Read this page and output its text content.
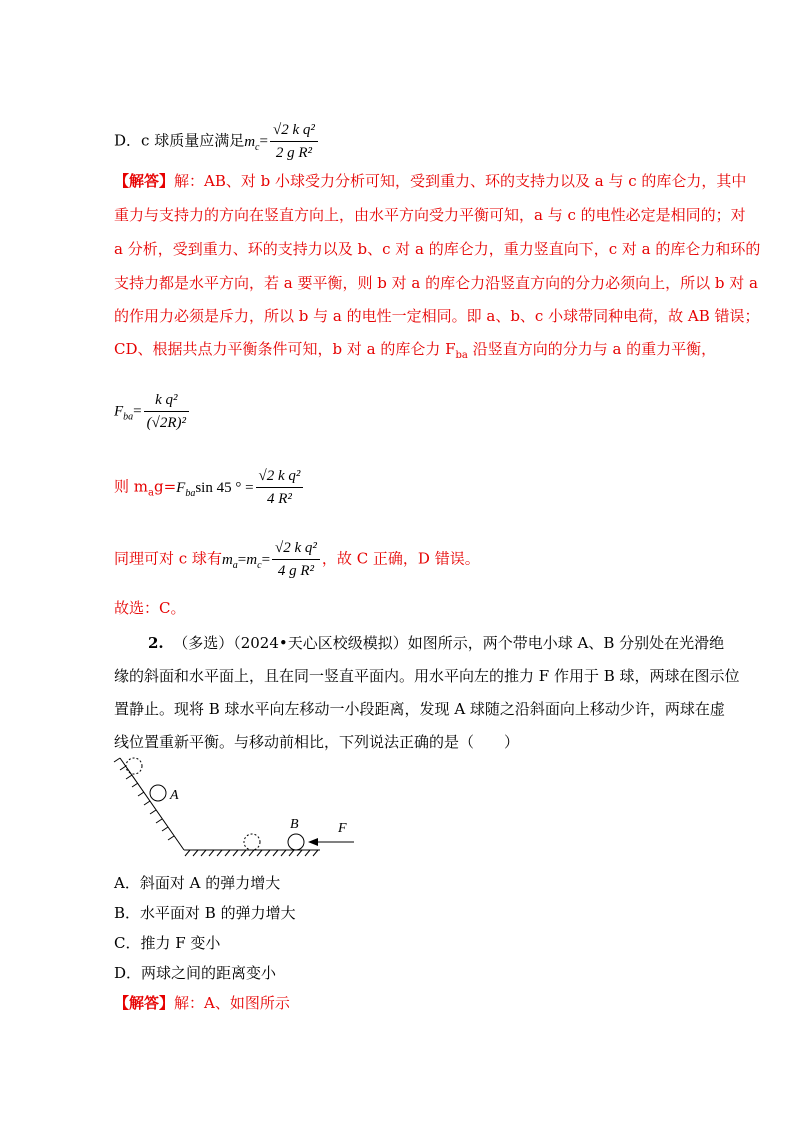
D．c 球质量应满足$m_c= \frac{\text{√2 k q²}}{\text{2 g R²}}$
【解答】解：AB、对 b 小球受力分析可知，受到重力、环的支持力以及 a 与 c 的库仑力，其中
重力与支持力的方向在竖直方向上，由水平方向受力平衡可知，a 与 c 的电性必定是相同的；对
a 分析，受到重力、环的支持力以及 b、c 对 a 的库仑力，重力竖直向下，c 对 a 的库仑力和环的
支持力都是水平方向，若 a 要平衡，则 b 对 a 的库仑力沿竖直方向的分力必须向上，所以 b 对 a
的作用力必须是斥力，所以 b 与 a 的电性一定相同。即 a、b、c 小球带同种电荷，故 AB 错误；
CD、根据共点力平衡条件可知，b 对 a 的库仑力 $F_{ba}$ 沿竖直方向的分力与 a 的重力平衡，
$F_{ba}= \frac{\text{k q²}}{\text{(√2R)²}}$
则 $m_ag=F_{ba}\sin$ 45 ° = $\frac{\text{√2 k q²}}{\text{4 R²}}$
同理可对 c 球有$m_a=m_c= \frac{\text{√2 k q²}}{\text{4 g R²}}$ ，故 C 正确，D 错误。
故选：C。
2. （多选）（2024•天心区校级模拟）如图所示，两个带电小球 A、B 分别处在光滑绝
缘的斜面和水平面上，且在同一竖直平面内。用水平向左的推力 F 作用于 B 球，两球在图示位
置静止。现将 B 球水平向左移动一小段距离，发现 A 球随之沿斜面向上移动少许，两球在虚
线位置重新平衡。与移动前相比，下列说法正确的是（　　）
A
B	F
A．斜面对 A 的弹力增大
B．水平面对 B 的弹力增大
C．推力 F 变小
D．两球之间的距离变小
【解答】解：A、如图所示
